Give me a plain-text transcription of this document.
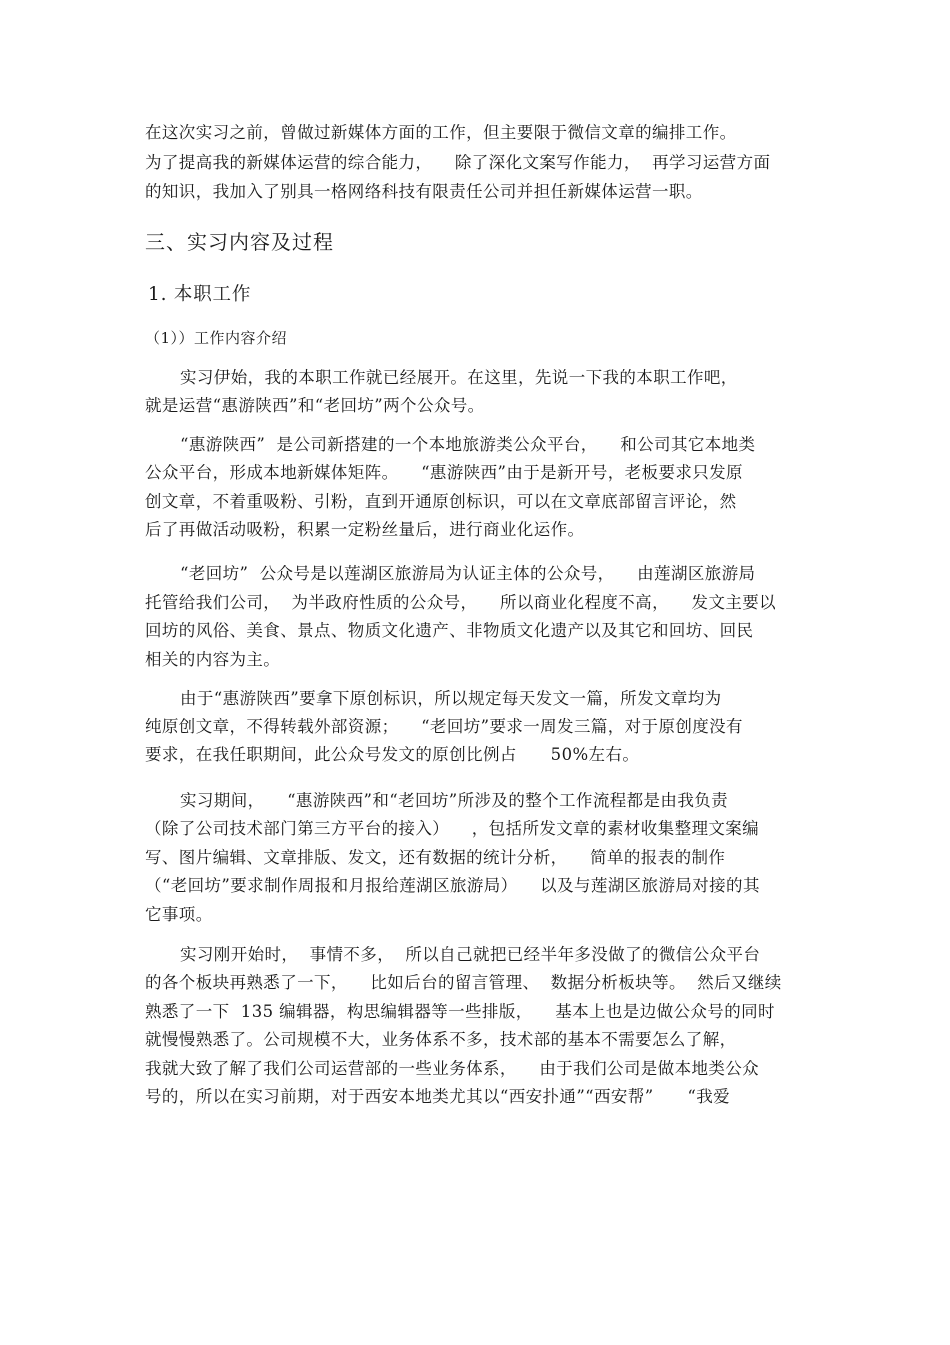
在这次实习之前，曾做过新媒体方面的工作，但主要限于微信文章的编排工作。
为了提高我的新媒体运营的综合能力，    除了深化文案写作能力，  再学习运营方面
的知识，我加入了别具一格网络科技有限责任公司并担任新媒体运营一职。
三、实习内容及过程
1. 本职工作
（1））工作内容介绍
实习伊始，我的本职工作就已经展开。在这里，先说一下我的本职工作吧，
就是运营“惠游陕西”和“老回坊”两个公众号。
“惠游陕西”  是公司新搭建的一个本地旅游类公众平台，    和公司其它本地类
公众平台，形成本地新媒体矩阵。    “惠游陕西”由于是新开号，老板要求只发原
创文章，不着重吸粉、引粉，直到开通原创标识，可以在文章底部留言评论，然
后了再做活动吸粉，积累一定粉丝量后，进行商业化运作。
“老回坊”  公众号是以莲湖区旅游局为认证主体的公众号，    由莲湖区旅游局
托管给我们公司，  为半政府性质的公众号，    所以商业化程度不高，    发文主要以
回坊的风俗、美食、景点、物质文化遗产、非物质文化遗产以及其它和回坊、回民
相关的内容为主。
由于“惠游陕西”要拿下原创标识，所以规定每天发文一篇，所发文章均为
纯原创文章，不得转载外部资源；    “老回坊”要求一周发三篇，对于原创度没有
要求，在我任职期间，此公众号发文的原创比例占      50%左右。
实习期间，    “惠游陕西”和“老回坊”所涉及的整个工作流程都是由我负责
（除了公司技术部门第三方平台的接入）    ，包括所发文章的素材收集整理文案编
写、图片编辑、文章排版、发文，还有数据的统计分析，    简单的报表的制作
（“老回坊”要求制作周报和月报给莲湖区旅游局）    以及与莲湖区旅游局对接的其
它事项。
实习刚开始时，  事情不多，  所以自己就把已经半年多没做了的微信公众平台
的各个板块再熟悉了一下，    比如后台的留言管理、  数据分析板块等。  然后又继续
熟悉了一下  135 编辑器，构思编辑器等一些排版，    基本上也是边做公众号的同时
就慢慢熟悉了。公司规模不大，业务体系不多，技术部的基本不需要怎么了解，
我就大致了解了我们公司运营部的一些业务体系，    由于我们公司是做本地类公众
号的，所以在实习前期，对于西安本地类尤其以“西安扑通”“西安帮”      “我爱
